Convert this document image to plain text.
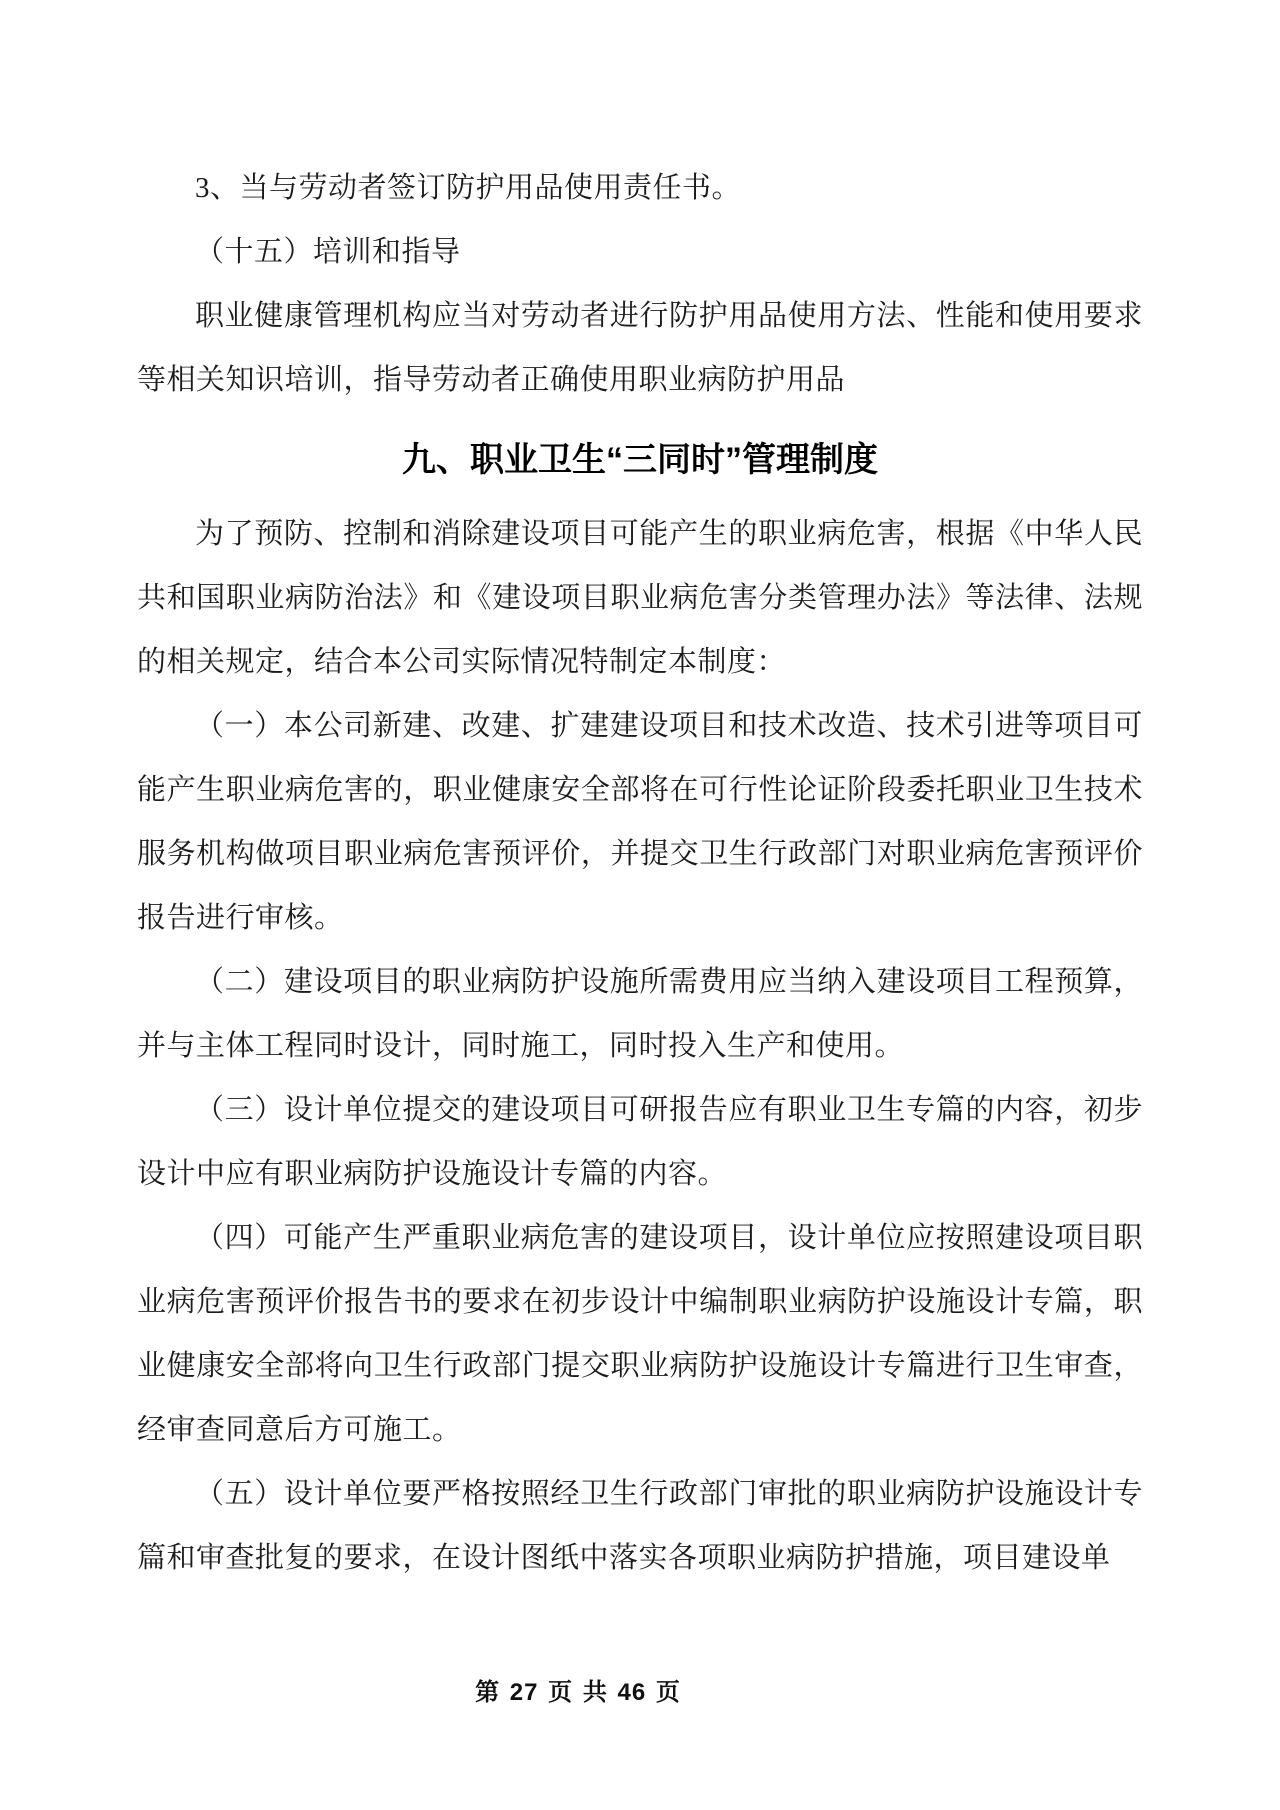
3、当与劳动者签订防护用品使用责任书。

（十五）培训和指导

职业健康管理机构应当对劳动者进行防护用品使用方法、性能和使用要求等相关知识培训，指导劳动者正确使用职业病防护用品

九、职业卫生“三同时”管理制度

为了预防、控制和消除建设项目可能产生的职业病危害，根据《中华人民共和国职业病防治法》和《建设项目职业病危害分类管理办法》等法律、法规的相关规定，结合本公司实际情况特制定本制度：

（一）本公司新建、改建、扩建建设项目和技术改造、技术引进等项目可能产生职业病危害的，职业健康安全部将在可行性论证阶段委托职业卫生技术服务机构做项目职业病危害预评价，并提交卫生行政部门对职业病危害预评价报告进行审核。

（二）建设项目的职业病防护设施所需费用应当纳入建设项目工程预算，并与主体工程同时设计，同时施工，同时投入生产和使用。

（三）设计单位提交的建设项目可研报告应有职业卫生专篇的内容，初步设计中应有职业病防护设施设计专篇的内容。

（四）可能产生严重职业病危害的建设项目，设计单位应按照建设项目职业病危害预评价报告书的要求在初步设计中编制职业病防护设施设计专篇，职业健康安全部将向卫生行政部门提交职业病防护设施设计专篇进行卫生审查，经审查同意后方可施工。

（五）设计单位要严格按照经卫生行政部门审批的职业病防护设施设计专篇和审查批复的要求，在设计图纸中落实各项职业病防护措施，项目建设单

第 27 页 共 46 页
